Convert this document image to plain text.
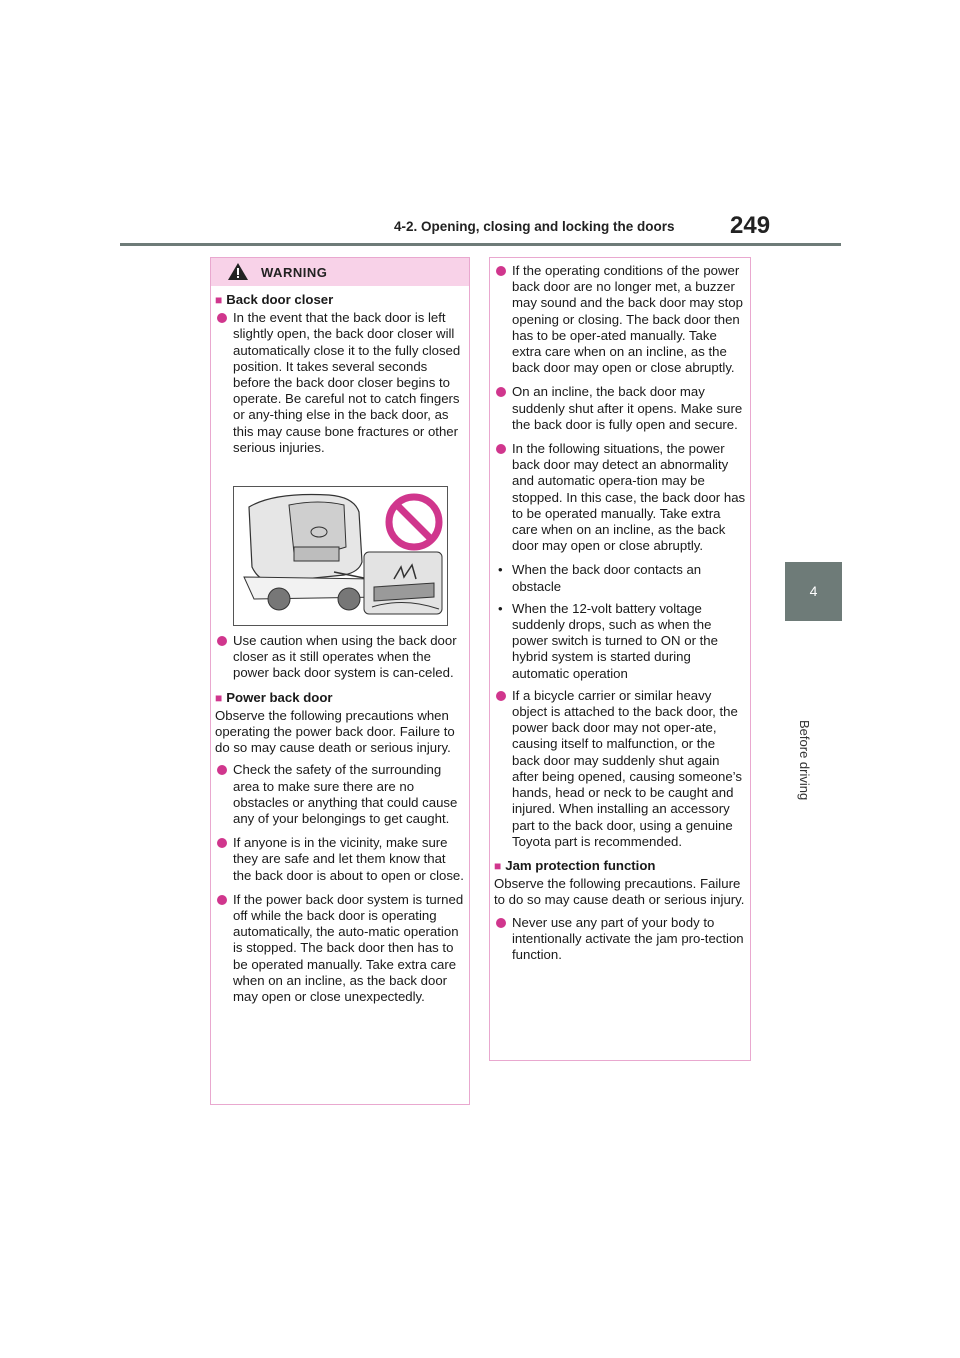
4-2. Opening, closing and locking the doors 249
4
Before driving
WARNING
■ Back door closer
In the event that the back door is left slightly open, the back door closer will automatically close it to the fully closed position. It takes several seconds before the back door closer begins to operate. Be careful not to catch fingers or any-thing else in the back door, as this may cause bone fractures or other serious injuries.
Use caution when using the back door closer as it still operates when the power back door system is can-celed.
■ Power back door
Observe the following precautions when operating the power back door. Failure to do so may cause death or serious injury.
Check the safety of the surrounding area to make sure there are no obstacles or anything that could cause any of your belongings to get caught.
If anyone is in the vicinity, make sure they are safe and let them know that the back door is about to open or close.
If the power back door system is turned off while the back door is operating automatically, the auto-matic operation is stopped. The back door then has to be operated manually. Take extra care when on an incline, as the back door may open or close unexpectedly.
If the operating conditions of the power back door are no longer met, a buzzer may sound and the back door may stop opening or closing. The back door then has to be oper-ated manually. Take extra care when on an incline, as the back door may open or close abruptly.
On an incline, the back door may suddenly shut after it opens. Make sure the back door is fully open and secure.
In the following situations, the power back door may detect an abnormality and automatic opera-tion may be stopped. In this case, the back door has to be operated manually. Take extra care when on an incline, as the back door may open or close abruptly.
• When the back door contacts an obstacle
• When the 12-volt battery voltage suddenly drops, such as when the power switch is turned to ON or the hybrid system is started during automatic operation
If a bicycle carrier or similar heavy object is attached to the back door, the power back door may not oper-ate, causing itself to malfunction, or the back door may suddenly shut again after being opened, causing someone’s hands, head or neck to be caught and injured. When installing an accessory part to the back door, using a genuine Toyota part is recommended.
■ Jam protection function
Observe the following precautions. Failure to do so may cause death or serious injury.
Never use any part of your body to intentionally activate the jam pro-tection function.
